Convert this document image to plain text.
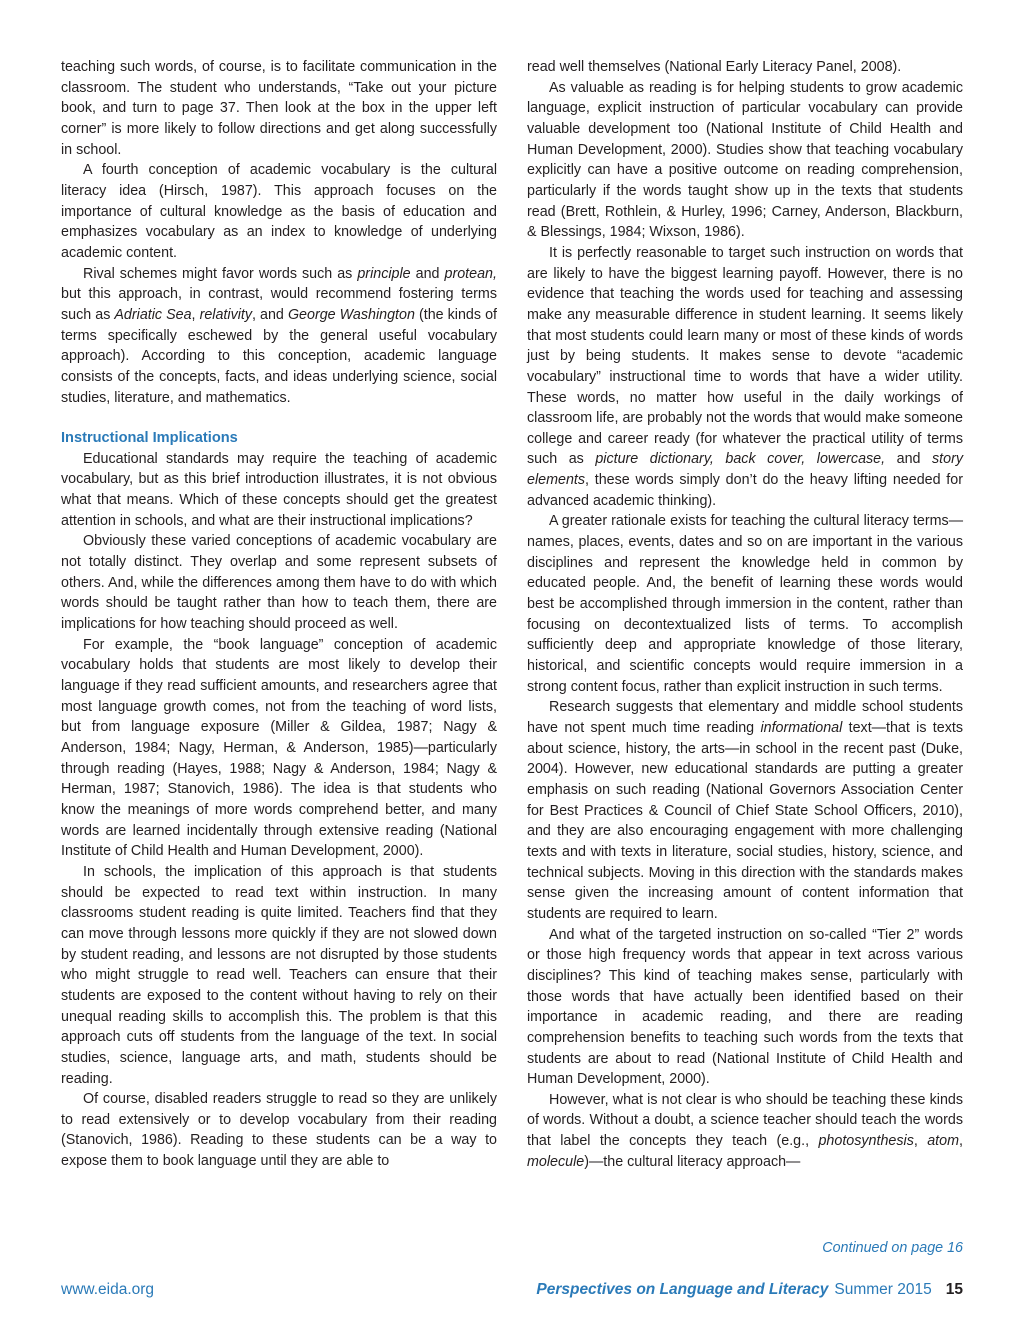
teaching such words, of course, is to facilitate communication in the classroom. The student who understands, “Take out your picture book, and turn to page 37. Then look at the box in the upper left corner” is more likely to follow directions and get along successfully in school.

A fourth conception of academic vocabulary is the cultural literacy idea (Hirsch, 1987). This approach focuses on the importance of cultural knowledge as the basis of education and emphasizes vocabulary as an index to knowledge of underlying academic content.

Rival schemes might favor words such as principle and protean, but this approach, in contrast, would recommend fostering terms such as Adriatic Sea, relativity, and George Washington (the kinds of terms specifically eschewed by the general useful vocabulary approach). According to this conception, academic language consists of the concepts, facts, and ideas underlying science, social studies, literature, and mathematics.

Instructional Implications

Educational standards may require the teaching of academic vocabulary, but as this brief introduction illustrates, it is not obvious what that means. Which of these concepts should get the greatest attention in schools, and what are their instructional implications?

Obviously these varied conceptions of academic vocabulary are not totally distinct. They overlap and some represent subsets of others. And, while the differences among them have to do with which words should be taught rather than how to teach them, there are implications for how teaching should proceed as well.

For example, the “book language” conception of academic vocabulary holds that students are most likely to develop their language if they read sufficient amounts, and researchers agree that most language growth comes, not from the teaching of word lists, but from language exposure (Miller & Gildea, 1987; Nagy & Anderson, 1984; Nagy, Herman, & Anderson, 1985)—particularly through reading (Hayes, 1988; Nagy & Anderson, 1984; Nagy & Herman, 1987; Stanovich, 1986). The idea is that students who know the meanings of more words comprehend better, and many words are learned incidentally through extensive reading (National Institute of Child Health and Human Development, 2000).

In schools, the implication of this approach is that students should be expected to read text within instruction. In many classrooms student reading is quite limited. Teachers find that they can move through lessons more quickly if they are not slowed down by student reading, and lessons are not disrupted by those students who might struggle to read well. Teachers can ensure that their students are exposed to the content without having to rely on their unequal reading skills to accomplish this. The problem is that this approach cuts off students from the language of the text. In social studies, science, language arts, and math, students should be reading.

Of course, disabled readers struggle to read so they are unlikely to read extensively or to develop vocabulary from their reading (Stanovich, 1986). Reading to these students can be a way to expose them to book language until they are able to

read well themselves (National Early Literacy Panel, 2008).

As valuable as reading is for helping students to grow academic language, explicit instruction of particular vocabulary can provide valuable development too (National Institute of Child Health and Human Development, 2000). Studies show that teaching vocabulary explicitly can have a positive outcome on reading comprehension, particularly if the words taught show up in the texts that students read (Brett, Rothlein, & Hurley, 1996; Carney, Anderson, Blackburn, & Blessings, 1984; Wixson, 1986).

It is perfectly reasonable to target such instruction on words that are likely to have the biggest learning payoff. However, there is no evidence that teaching the words used for teaching and assessing make any measurable difference in student learning. It seems likely that most students could learn many or most of these kinds of words just by being students. It makes sense to devote “academic vocabulary” instructional time to words that have a wider utility. These words, no matter how useful in the daily workings of classroom life, are probably not the words that would make someone college and career ready (for whatever the practical utility of terms such as picture dictionary, back cover, lowercase, and story elements, these words simply don’t do the heavy lifting needed for advanced academic thinking).

A greater rationale exists for teaching the cultural literacy terms—names, places, events, dates and so on are important in the various disciplines and represent the knowledge held in common by educated people. And, the benefit of learning these words would best be accomplished through immersion in the content, rather than focusing on decontextualized lists of terms. To accomplish sufficiently deep and appropriate knowledge of those literary, historical, and scientific concepts would require immersion in a strong content focus, rather than explicit instruction in such terms.

Research suggests that elementary and middle school students have not spent much time reading informational text—that is texts about science, history, the arts—in school in the recent past (Duke, 2004). However, new educational standards are putting a greater emphasis on such reading (National Governors Association Center for Best Practices & Council of Chief State School Officers, 2010), and they are also encouraging engagement with more challenging texts and with texts in literature, social studies, history, science, and technical subjects. Moving in this direction with the standards makes sense given the increasing amount of content information that students are required to learn.

And what of the targeted instruction on so-called “Tier 2” words or those high frequency words that appear in text across various disciplines? This kind of teaching makes sense, particularly with those words that have actually been identified based on their importance in academic reading, and there are reading comprehension benefits to teaching such words from the texts that students are about to read (National Institute of Child Health and Human Development, 2000).

However, what is not clear is who should be teaching these kinds of words. Without a doubt, a science teacher should teach the words that label the concepts they teach (e.g., photosynthesis, atom, molecule)—the cultural literacy approach—

Continued on page 16
www.eida.org	Perspectives on Language and Literacy Summer 2015 15
